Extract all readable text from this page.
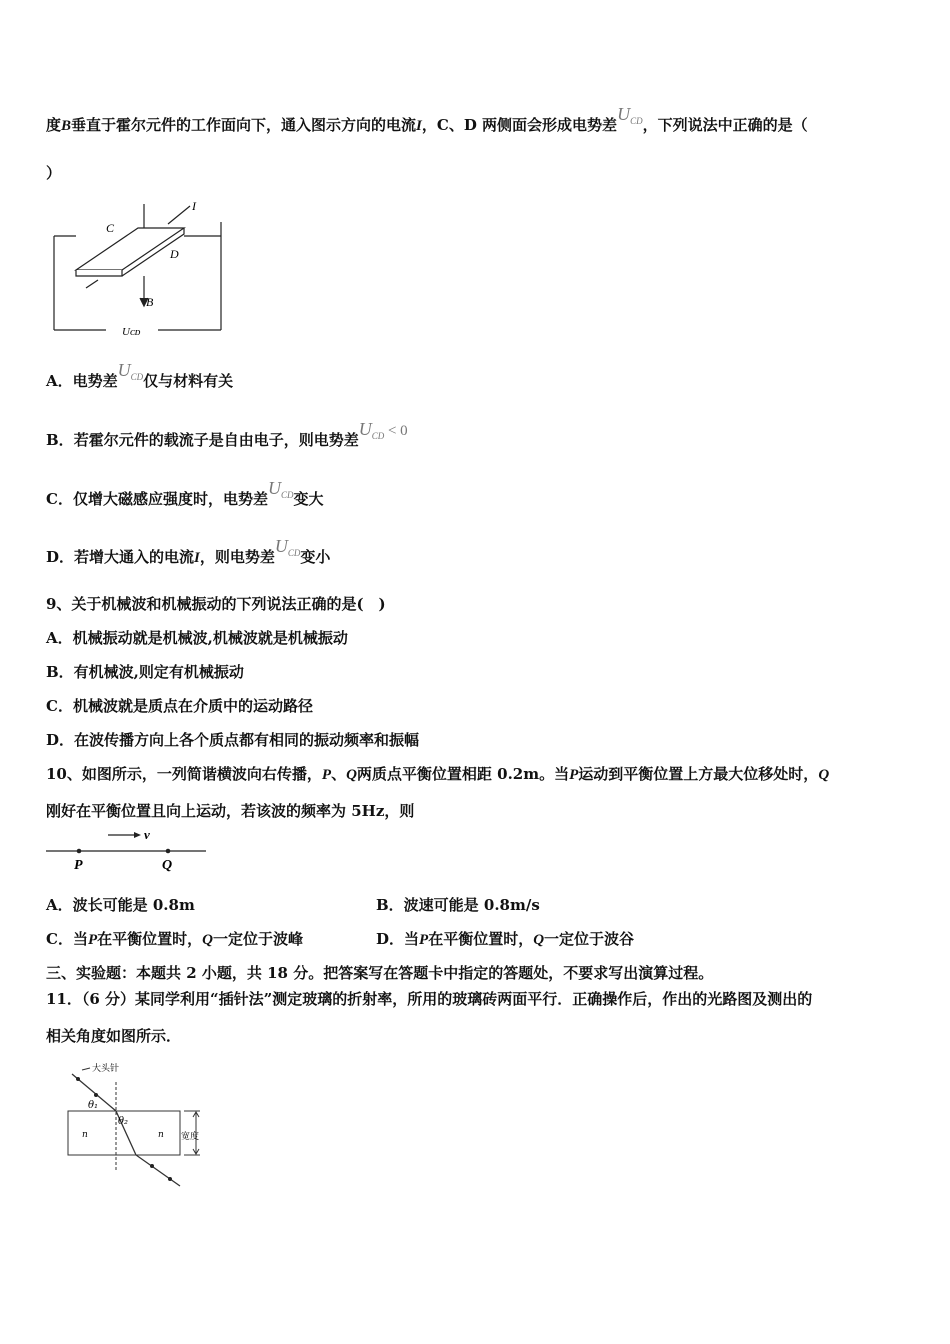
度B垂直于霍尔元件的工作面向下，通入图示方向的电流I，C、D 两侧面会形成电势差$U^{CD}$，下列说法中正确的是（
）
C
D
I
B
Uᴄᴅ
A．电势差$U^{CD}$仅与材料有关
B．若霍尔元件的载流子是自由电子，则电势差$U^{CD} < 0$
C．仅增大磁感应强度时，电势差$U^{CD}$变大
D．若增大通入的电流I，则电势差$U^{CD}$变小
9、关于机械波和机械振动的下列说法正确的是(　)
A．机械振动就是机械波,机械波就是机械振动
B．有机械波,则定有机械振动
C．机械波就是质点在介质中的运动路径
D．在波传播方向上各个质点都有相同的振动频率和振幅
10、如图所示，一列简谐横波向右传播，P、Q两质点平衡位置相距 0.2m。当P运动到平衡位置上方最大位移处时，Q
刚好在平衡位置且向上运动，若该波的频率为 5Hz，则
v
P	Q
A．波长可能是 0.8m	B．波速可能是 0.8m/s
C．当P在平衡位置时，Q一定位于波峰	D．当P在平衡位置时，Q一定位于波谷
三、实验题：本题共 2 小题，共 18 分。把答案写在答题卡中指定的答题处，不要求写出演算过程。
11．（6 分）某同学利用“插针法”测定玻璃的折射率，所用的玻璃砖两面平行．正确操作后，作出的光路图及测出的
相关角度如图所示．
大头针
θ₁
θ₂
n	n 宽度
